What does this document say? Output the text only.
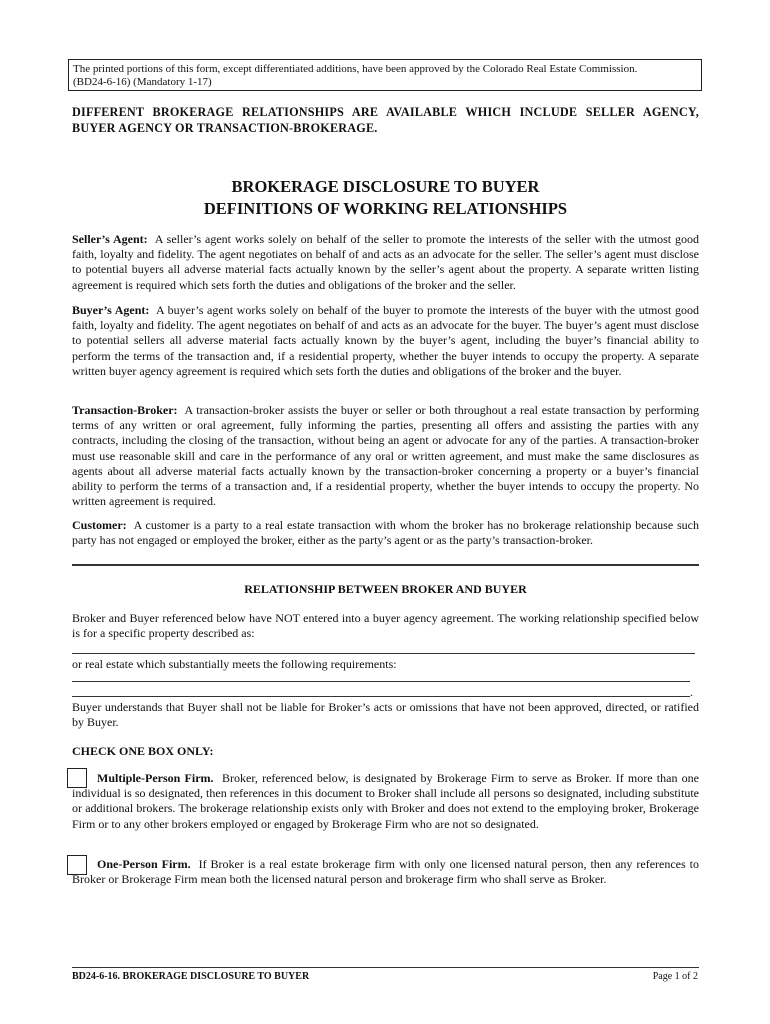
The printed portions of this form, except differentiated additions, have been approved by the Colorado Real Estate Commission.
(BD24-6-16) (Mandatory 1-17)
DIFFERENT BROKERAGE RELATIONSHIPS ARE AVAILABLE WHICH INCLUDE SELLER AGENCY, BUYER AGENCY OR TRANSACTION-BROKERAGE.
BROKERAGE DISCLOSURE TO BUYER
DEFINITIONS OF WORKING RELATIONSHIPS
Seller’s Agent: A seller’s agent works solely on behalf of the seller to promote the interests of the seller with the utmost good faith, loyalty and fidelity. The agent negotiates on behalf of and acts as an advocate for the seller. The seller’s agent must disclose to potential buyers all adverse material facts actually known by the seller’s agent about the property. A separate written listing agreement is required which sets forth the duties and obligations of the broker and the seller.
Buyer’s Agent: A buyer’s agent works solely on behalf of the buyer to promote the interests of the buyer with the utmost good faith, loyalty and fidelity. The agent negotiates on behalf of and acts as an advocate for the buyer. The buyer’s agent must disclose to potential sellers all adverse material facts actually known by the buyer’s agent, including the buyer’s financial ability to perform the terms of the transaction and, if a residential property, whether the buyer intends to occupy the property. A separate written buyer agency agreement is required which sets forth the duties and obligations of the broker and the buyer.
Transaction-Broker: A transaction-broker assists the buyer or seller or both throughout a real estate transaction by performing terms of any written or oral agreement, fully informing the parties, presenting all offers and assisting the parties with any contracts, including the closing of the transaction, without being an agent or advocate for any of the parties. A transaction-broker must use reasonable skill and care in the performance of any oral or written agreement, and must make the same disclosures as agents about all adverse material facts actually known by the transaction-broker concerning a property or a buyer’s financial ability to perform the terms of a transaction and, if a residential property, whether the buyer intends to occupy the property. No written agreement is required.
Customer: A customer is a party to a real estate transaction with whom the broker has no brokerage relationship because such party has not engaged or employed the broker, either as the party’s agent or as the party’s transaction-broker.
RELATIONSHIP BETWEEN BROKER AND BUYER
Broker and Buyer referenced below have NOT entered into a buyer agency agreement. The working relationship specified below is for a specific property described as:
or real estate which substantially meets the following requirements:
.
Buyer understands that Buyer shall not be liable for Broker’s acts or omissions that have not been approved, directed, or ratified by Buyer.
CHECK ONE BOX ONLY:
Multiple-Person Firm. Broker, referenced below, is designated by Brokerage Firm to serve as Broker. If more than one individual is so designated, then references in this document to Broker shall include all persons so designated, including substitute or additional brokers. The brokerage relationship exists only with Broker and does not extend to the employing broker, Brokerage Firm or to any other brokers employed or engaged by Brokerage Firm who are not so designated.
One-Person Firm. If Broker is a real estate brokerage firm with only one licensed natural person, then any references to Broker or Brokerage Firm mean both the licensed natural person and brokerage firm who shall serve as Broker.
BD24-6-16. BROKERAGE DISCLOSURE TO BUYER	Page 1 of 2
